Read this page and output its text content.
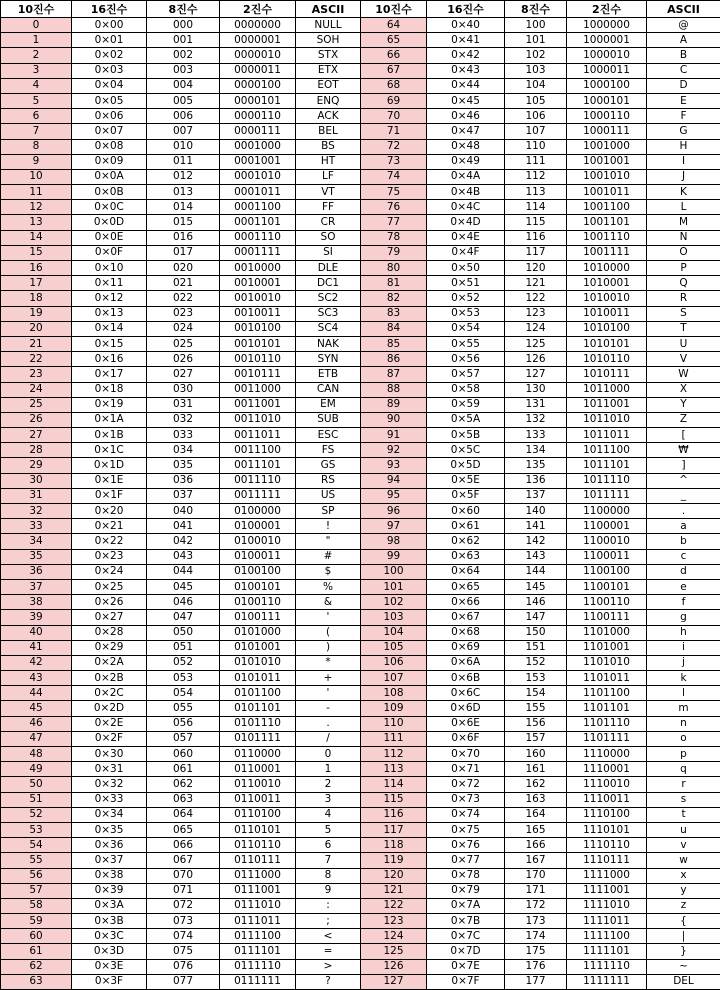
10진수	16진수	8진수	2진수	ASCII	10진수	16진수	8진수	2진수	ASCII
0	0×00	000	0000000	NULL	64	0×40	100	1000000	@
1	0×01	001	0000001	SOH	65	0×41	101	1000001	A
2	0×02	002	0000010	STX	66	0×42	102	1000010	B
3	0×03	003	0000011	ETX	67	0×43	103	1000011	C
4	0×04	004	0000100	EOT	68	0×44	104	1000100	D
5	0×05	005	0000101	ENQ	69	0×45	105	1000101	E
6	0×06	006	0000110	ACK	70	0×46	106	1000110	F
7	0×07	007	0000111	BEL	71	0×47	107	1000111	G
8	0×08	010	0001000	BS	72	0×48	110	1001000	H
9	0×09	011	0001001	HT	73	0×49	111	1001001	I
10	0×0A	012	0001010	LF	74	0×4A	112	1001010	J
11	0×0B	013	0001011	VT	75	0×4B	113	1001011	K
12	0×0C	014	0001100	FF	76	0×4C	114	1001100	L
13	0×0D	015	0001101	CR	77	0×4D	115	1001101	M
14	0×0E	016	0001110	SO	78	0×4E	116	1001110	N
15	0×0F	017	0001111	SI	79	0×4F	117	1001111	O
16	0×10	020	0010000	DLE	80	0×50	120	1010000	P
17	0×11	021	0010001	DC1	81	0×51	121	1010001	Q
18	0×12	022	0010010	SC2	82	0×52	122	1010010	R
19	0×13	023	0010011	SC3	83	0×53	123	1010011	S
20	0×14	024	0010100	SC4	84	0×54	124	1010100	T
21	0×15	025	0010101	NAK	85	0×55	125	1010101	U
22	0×16	026	0010110	SYN	86	0×56	126	1010110	V
23	0×17	027	0010111	ETB	87	0×57	127	1010111	W
24	0×18	030	0011000	CAN	88	0×58	130	1011000	X
25	0×19	031	0011001	EM	89	0×59	131	1011001	Y
26	0×1A	032	0011010	SUB	90	0×5A	132	1011010	Z
27	0×1B	033	0011011	ESC	91	0×5B	133	1011011	[
28	0×1C	034	0011100	FS	92	0×5C	134	1011100	₩
29	0×1D	035	0011101	GS	93	0×5D	135	1011101	]
30	0×1E	036	0011110	RS	94	0×5E	136	1011110	^
31	0×1F	037	0011111	US	95	0×5F	137	1011111	_
32	0×20	040	0100000	SP	96	0×60	140	1100000	.
33	0×21	041	0100001	!	97	0×61	141	1100001	a
34	0×22	042	0100010	"	98	0×62	142	1100010	b
35	0×23	043	0100011	#	99	0×63	143	1100011	c
36	0×24	044	0100100	$	100	0×64	144	1100100	d
37	0×25	045	0100101	%	101	0×65	145	1100101	e
38	0×26	046	0100110	&	102	0×66	146	1100110	f
39	0×27	047	0100111	'	103	0×67	147	1100111	g
40	0×28	050	0101000	(	104	0×68	150	1101000	h
41	0×29	051	0101001	)	105	0×69	151	1101001	i
42	0×2A	052	0101010	*	106	0×6A	152	1101010	j
43	0×2B	053	0101011	+	107	0×6B	153	1101011	k
44	0×2C	054	0101100	'	108	0×6C	154	1101100	l
45	0×2D	055	0101101	-	109	0×6D	155	1101101	m
46	0×2E	056	0101110	.	110	0×6E	156	1101110	n
47	0×2F	057	0101111	/	111	0×6F	157	1101111	o
48	0×30	060	0110000	0	112	0×70	160	1110000	p
49	0×31	061	0110001	1	113	0×71	161	1110001	q
50	0×32	062	0110010	2	114	0×72	162	1110010	r
51	0×33	063	0110011	3	115	0×73	163	1110011	s
52	0×34	064	0110100	4	116	0×74	164	1110100	t
53	0×35	065	0110101	5	117	0×75	165	1110101	u
54	0×36	066	0110110	6	118	0×76	166	1110110	v
55	0×37	067	0110111	7	119	0×77	167	1110111	w
56	0×38	070	0111000	8	120	0×78	170	1111000	x
57	0×39	071	0111001	9	121	0×79	171	1111001	y
58	0×3A	072	0111010	:	122	0×7A	172	1111010	z
59	0×3B	073	0111011	;	123	0×7B	173	1111011	{
60	0×3C	074	0111100	<	124	0×7C	174	1111100	|
61	0×3D	075	0111101	=	125	0×7D	175	1111101	}
62	0×3E	076	0111110	>	126	0×7E	176	1111110	~
63	0×3F	077	0111111	?	127	0×7F	177	1111111	DEL
